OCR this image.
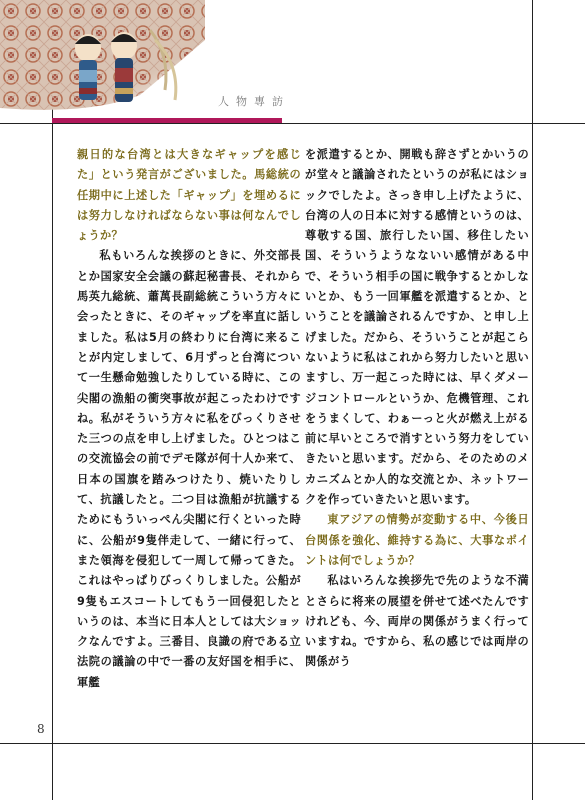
人物專訪

親日的な台湾とは大きなギャップを感じた」という発言がございました。馬総統の任期中に上述した「ギャップ」を埋めるには努力しなければならない事は何なんでしょうか？

私もいろんな挨拶のときに、外交部長とか国家安全会議の蘇起秘書長、それから馬英九総統、蕭萬長副総統こういう方々に会ったときに、そのギャップを率直に話しました。私は5月の終わりに台湾に来ることが内定しまして、6月ずっと台湾について一生懸命勉強したりしている時に、この尖閣の漁船の衝突事故が起こったわけですね。私がそういう方々に私をびっくりさせた三つの点を申し上げました。ひとつはこの交流協会の前でデモ隊が何十人か来て、日本の国旗を踏みつけたり、焼いたりして、抗議したと。二つ目は漁船が抗議するためにもういっぺん尖閣に行くといった時に、公船が9隻伴走して、一緒に行って、また領海を侵犯して一周して帰ってきた。これはやっぱりびっくりしました。公船が9隻もエスコートしてもう一回侵犯したというのは、本当に日本人としては大ショックなんですよ。三番目、良識の府である立法院の議論の中で一番の友好国を相手に、軍艦

を派遣するとか、開戦も辞さずとかいうのが堂々と議論されたというのが私にはショックでしたよ。さっき申し上げたように、台湾の人の日本に対する感情というのは、尊敬する国、旅行したい国、移住したい国、そういうようなないい感情がある中で、そういう相手の国に戦争するとかしないとか、もう一回軍艦を派遣するとか、ということを議論されるんですか、と申し上げました。だから、そういうことが起こらないように私はこれから努力したいと思いますし、万一起こった時には、早くダメージコントロールというか、危機管理、これをうまくして、わぁーっと火が燃え上がる前に早いところで消すという努力をしていきたいと思います。だから、そのためのメカニズムとか人的な交流とか、ネットワークを作っていきたいと思います。

東アジアの情勢が変動する中、今後日台関係を強化、維持する為に、大事なポイントは何でしょうか？

私はいろんな挨拶先で先のような不満とさらに将来の展望を併せて述べたんですけれども、今、両岸の関係がうまく行っていますね。ですから、私の感じでは両岸の関係がう

8
